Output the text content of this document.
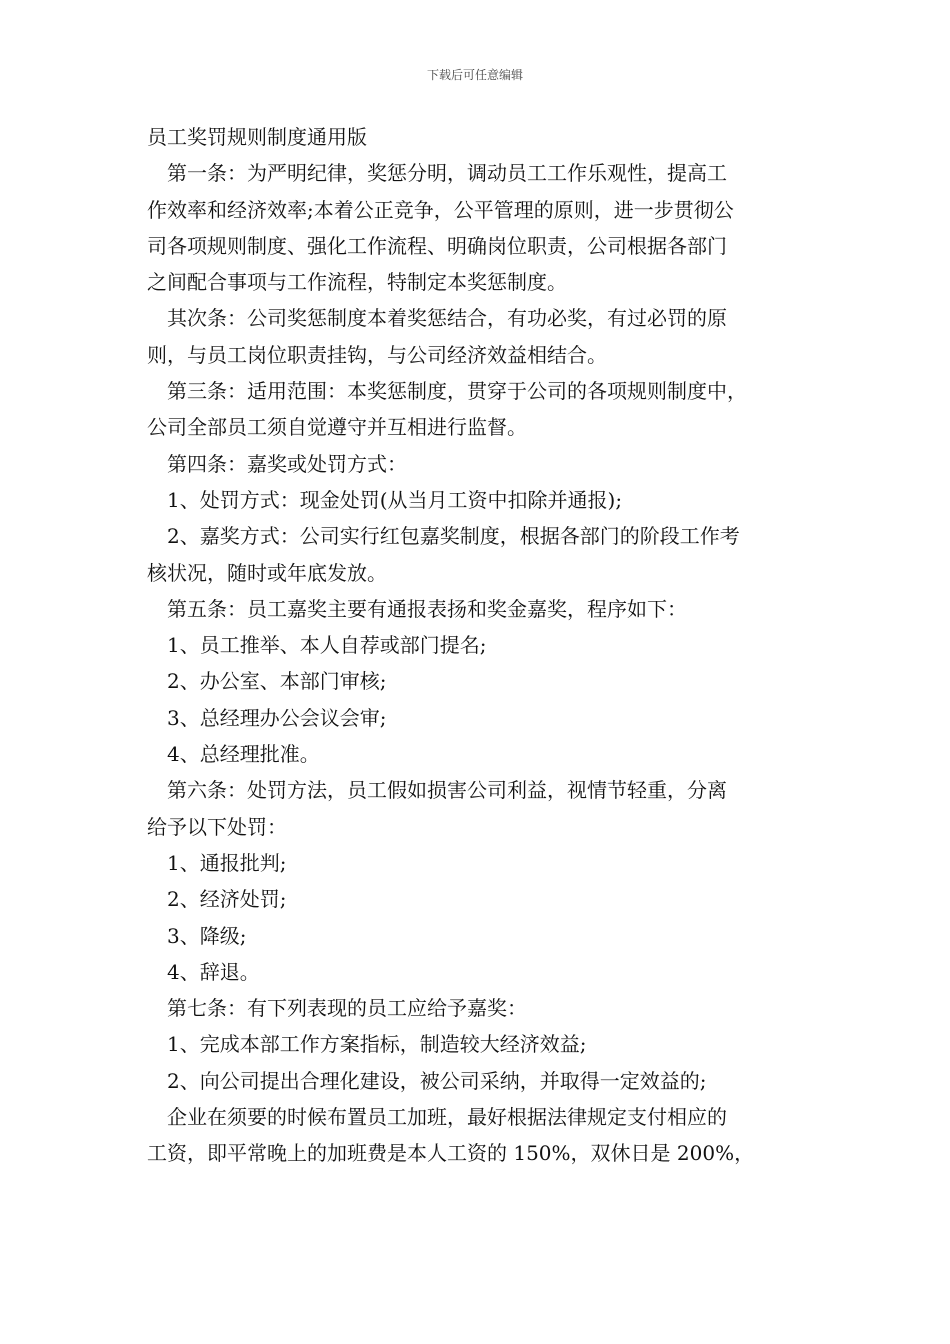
下载后可任意编辑
员工奖罚规则制度通用版
第一条：为严明纪律，奖惩分明，调动员工工作乐观性，提高工
作效率和经济效率;本着公正竞争，公平管理的原则，进一步贯彻公
司各项规则制度、强化工作流程、明确岗位职责，公司根据各部门
之间配合事项与工作流程，特制定本奖惩制度。
其次条：公司奖惩制度本着奖惩结合，有功必奖，有过必罚的原
则，与员工岗位职责挂钩，与公司经济效益相结合。
第三条：适用范围：本奖惩制度，贯穿于公司的各项规则制度中，
公司全部员工须自觉遵守并互相进行监督。
第四条：嘉奖或处罚方式：
1、处罚方式：现金处罚(从当月工资中扣除并通报);
2、嘉奖方式：公司实行红包嘉奖制度，根据各部门的阶段工作考
核状况，随时或年底发放。
第五条：员工嘉奖主要有通报表扬和奖金嘉奖，程序如下：
1、员工推举、本人自荐或部门提名;
2、办公室、本部门审核;
3、总经理办公会议会审;
4、总经理批准。
第六条：处罚方法，员工假如损害公司利益，视情节轻重，分离
给予以下处罚：
1、通报批判;
2、经济处罚;
3、降级;
4、辞退。
第七条：有下列表现的员工应给予嘉奖：
1、完成本部工作方案指标，制造较大经济效益;
2、向公司提出合理化建设，被公司采纳，并取得一定效益的;
企业在须要的时候布置员工加班，最好根据法律规定支付相应的
工资，即平常晚上的加班费是本人工资的 150%，双休日是 200%，
